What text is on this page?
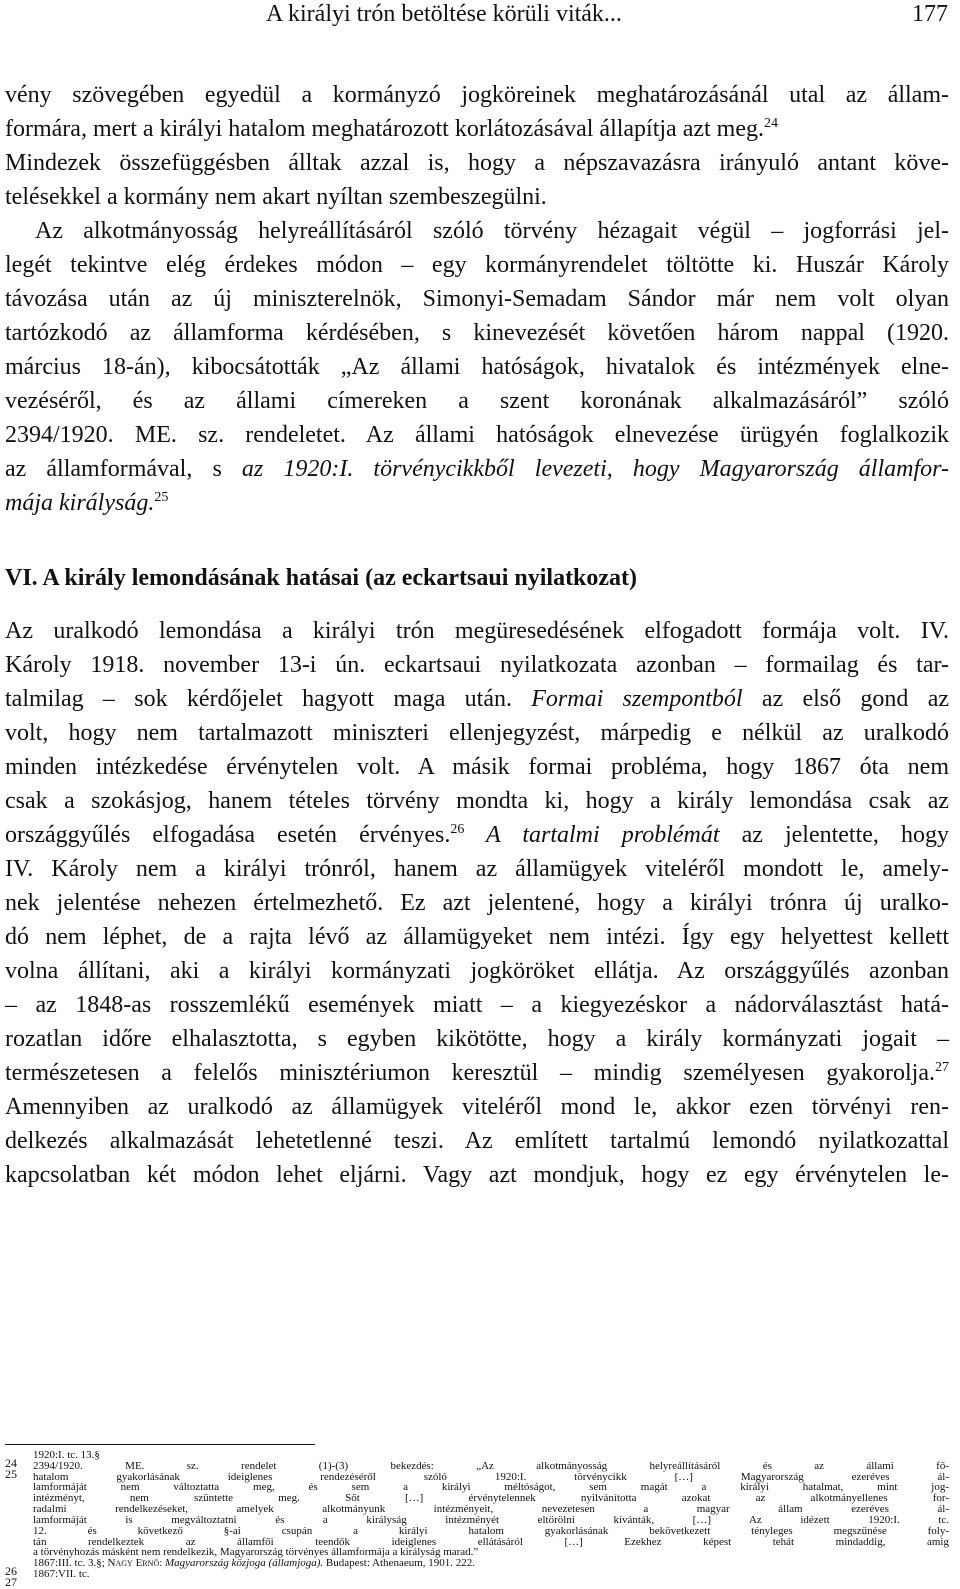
A királyi trón betöltése körüli viták...	177
vény szövegében egyedül a kormányzó jogköreinek meghatározásánál utal az állam-
formára, mert a királyi hatalom meghatározott korlátozásával állapítja azt meg.$^{24}$
Mindezek összefüggésben álltak azzal is, hogy a népszavazásra irányuló antant köve-
telésekkel a kormány nem akart nyíltan szembeszegülni.
Az alkotmányosság helyreállításáról szóló törvény hézagait végül – jogforrási jel-
legét tekintve elég érdekes módon – egy kormányrendelet töltötte ki. Huszár Károly
távozása után az új miniszterelnök, Simonyi-Semadam Sándor már nem volt olyan
tartózkodó az államforma kérdésében, s kinevezését követően három nappal (1920.
március 18-án), kibocsátották „Az állami hatóságok, hivatalok és intézmények elne-
vezéséről, és az állami címereken a szent koronának alkalmazásáról” szóló
2394/1920. ME. sz. rendeletet. Az állami hatóságok elnevezése ürügyén foglalkozik
az államformával, s az 1920:I. törvénycikkből levezeti, hogy Magyarország államfor-
mája királyság.$^{25}$
VI. A király lemondásának hatásai (az eckartsaui nyilatkozat)
Az uralkodó lemondása a királyi trón megüresedésének elfogadott formája volt. IV.
Károly 1918. november 13-i ún. eckartsaui nyilatkozata azonban – formailag és tar-
talmilag – sok kérdőjelet hagyott maga után. Formai szempontból az első gond az
volt, hogy nem tartalmazott miniszteri ellenjegyzést, márpedig e nélkül az uralkodó
minden intézkedése érvénytelen volt. A másik formai probléma, hogy 1867 óta nem
csak a szokásjog, hanem tételes törvény mondta ki, hogy a király lemondása csak az
országgyűlés elfogadása esetén érvényes.$^{26}$ A tartalmi problémát az jelentette, hogy
IV. Károly nem a királyi trónról, hanem az államügyek viteléről mondott le, amely-
nek jelentése nehezen értelmezhető. Ez azt jelentené, hogy a királyi trónra új uralko-
dó nem léphet, de a rajta lévő az államügyeket nem intézi. Így egy helyettest kellett
volna állítani, aki a királyi kormányzati jogköröket ellátja. Az országgyűlés azonban
– az 1848-as rosszemlékű események miatt – a kiegyezéskor a nádorválasztást hatá-
rozatlan időre elhalasztotta, s egyben kikötötte, hogy a király kormányzati jogait –
természetesen a felelős minisztériumon keresztül – mindig személyesen gyakorolja.$^{27}$
Amennyiben az uralkodó az államügyek viteléről mond le, akkor ezen törvényi ren-
delkezés alkalmazását lehetetlenné teszi. Az említett tartalmú lemondó nyilatkozattal
kapcsolatban két módon lehet eljárni. Vagy azt mondjuk, hogy ez egy érvénytelen le-
24
1920:I. tc. 13.§
25
2394/1920. ME. sz. rendelet (1)-(3) bekezdés: „Az alkotmányosság helyreállításáról és az állami fő-
hatalom gyakorlásának ideiglenes rendezéséről szóló 1920:I. törvénycikk […] Magyarország ezeréves ál-
lamformáját nem változtatta meg, és sem a királyi méltóságot, sem magát a királyi hatalmat, mint jog-
intézményt, nem szüntette meg. Sőt […] érvénytelennek nyilvánította azokat az alkotmányellenes for-
radalmi rendelkezéseket, amelyek alkotmányunk intézményeit, nevezetesen a magyar állam ezeréves ál-
lamformáját is megváltoztatni és a királyság intézményét eltörölni kívánták, […] Az idézett 1920:I. tc.
12. és következő §-ai csupán a királyi hatalom gyakorlásának bekövetkezett tényleges megszűnése foly-
tán rendelkeztek az államfői teendők ideiglenes ellátásáról […] Ezekhez képest tehát mindaddig, amig
a törvényhozás másként nem rendelkezik, Magyarország törvényes államformája a királyság marad.”
26
1867:III. tc. 3.§; Nagy Ernő: Magyarország közjoga (államjoga). Budapest: Athenaeum, 1901. 222.
27
1867:VII. tc.
